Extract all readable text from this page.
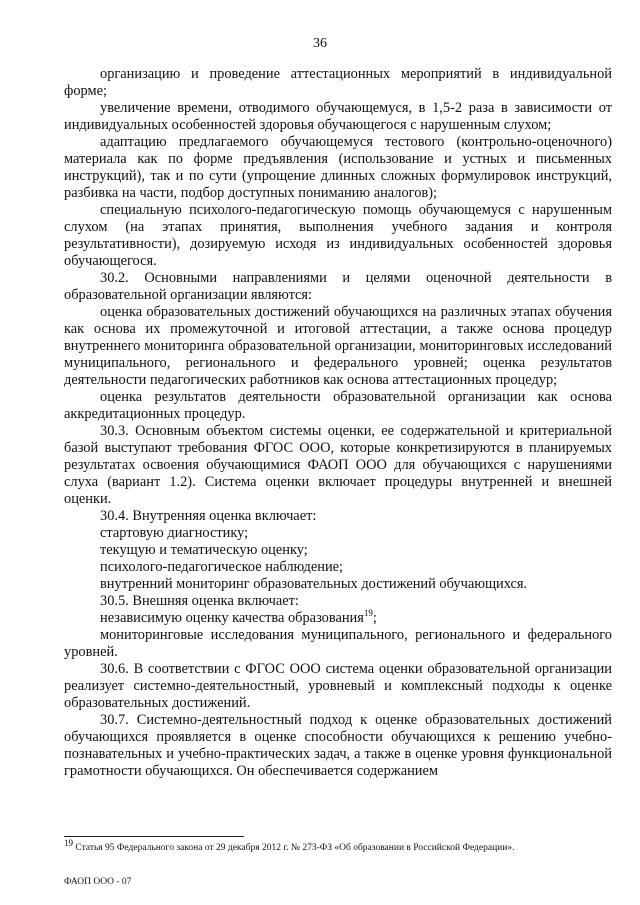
36

организацию и проведение аттестационных мероприятий в индивидуальной форме;

увеличение времени, отводимого обучающемуся, в 1,5-2 раза в зависимости от индивидуальных особенностей здоровья обучающегося с нарушенным слухом;

адаптацию предлагаемого обучающемуся тестового (контрольно-оценочного) материала как по форме предъявления (использование и устных и письменных инструкций), так и по сути (упрощение длинных сложных формулировок инструкций, разбивка на части, подбор доступных пониманию аналогов);

специальную психолого-педагогическую помощь обучающемуся с нарушенным слухом (на этапах принятия, выполнения учебного задания и контроля результативности), дозируемую исходя из индивидуальных особенностей здоровья обучающегося.

30.2. Основными направлениями и целями оценочной деятельности в образовательной организации являются:

оценка образовательных достижений обучающихся на различных этапах обучения как основа их промежуточной и итоговой аттестации, а также основа процедур внутреннего мониторинга образовательной организации, мониторинговых исследований муниципального, регионального и федерального уровней; оценка результатов деятельности педагогических работников как основа аттестационных процедур;

оценка результатов деятельности образовательной организации как основа аккредитационных процедур.

30.3. Основным объектом системы оценки, ее содержательной и критериальной базой выступают требования ФГОС ООО, которые конкретизируются в планируемых результатах освоения обучающимися ФАОП ООО для обучающихся с нарушениями слуха (вариант 1.2). Система оценки включает процедуры внутренней и внешней оценки.

30.4. Внутренняя оценка включает:

стартовую диагностику;

текущую и тематическую оценку;

психолого-педагогическое наблюдение;

внутренний мониторинг образовательных достижений обучающихся.

30.5. Внешняя оценка включает:

независимую оценку качества образования$^{19}$;

мониторинговые исследования муниципального, регионального и федерального уровней.

30.6. В соответствии с ФГОС ООО система оценки образовательной организации реализует системно-деятельностный, уровневый и комплексный подходы к оценке образовательных достижений.

30.7. Системно-деятельностный подход к оценке образовательных достижений обучающихся проявляется в оценке способности обучающихся к решению учебно-познавательных и учебно-практических задач, а также в оценке уровня функциональной грамотности обучающихся. Он обеспечивается содержанием

$^{19}$ Статья 95 Федерального закона от 29 декабря 2012 г. № 273-ФЗ «Об образовании в Российской Федерации».
ФАОП ООО - 07
